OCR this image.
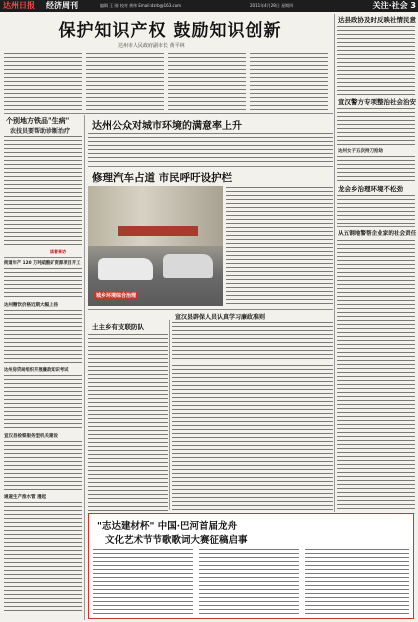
达州日报 经济周刊	编辑 王 刚 校对 黄伟 Email:dzrb@163.com	2011年4月28日 星期四	关注·社会 3
保护知识产权 鼓励知识创新
达州市人民政府副市长 黄平林
个别地方铁品"生病"
农技员要帮助诊断治疗
读者来访
街道年产 120 万吨硫酸矿资源项目开工
达州糖饮价格近期大幅上扬
达州房贷局组织开展廉政知识考试
宣汉县检察服务型机关建设
通遂生产淮水管 漫起
达州公众对城市环境的满意率上升
修理汽车占道 市民呼吁设护栏
城乡环境综合治理
宣汉县辟保人员认真学习廉政准则
土主乡有支联防队
"志达建材杯" 中国·巴河首届龙舟
文化艺术节节歌歌词大赛征稿启事
达县政协及时反映社情民意
宣汉警方专项整治社会治安
达州女子五次持刀抢劫
龙会乡治理环境不松劲
从五钢地警帮企业家的社会责任
